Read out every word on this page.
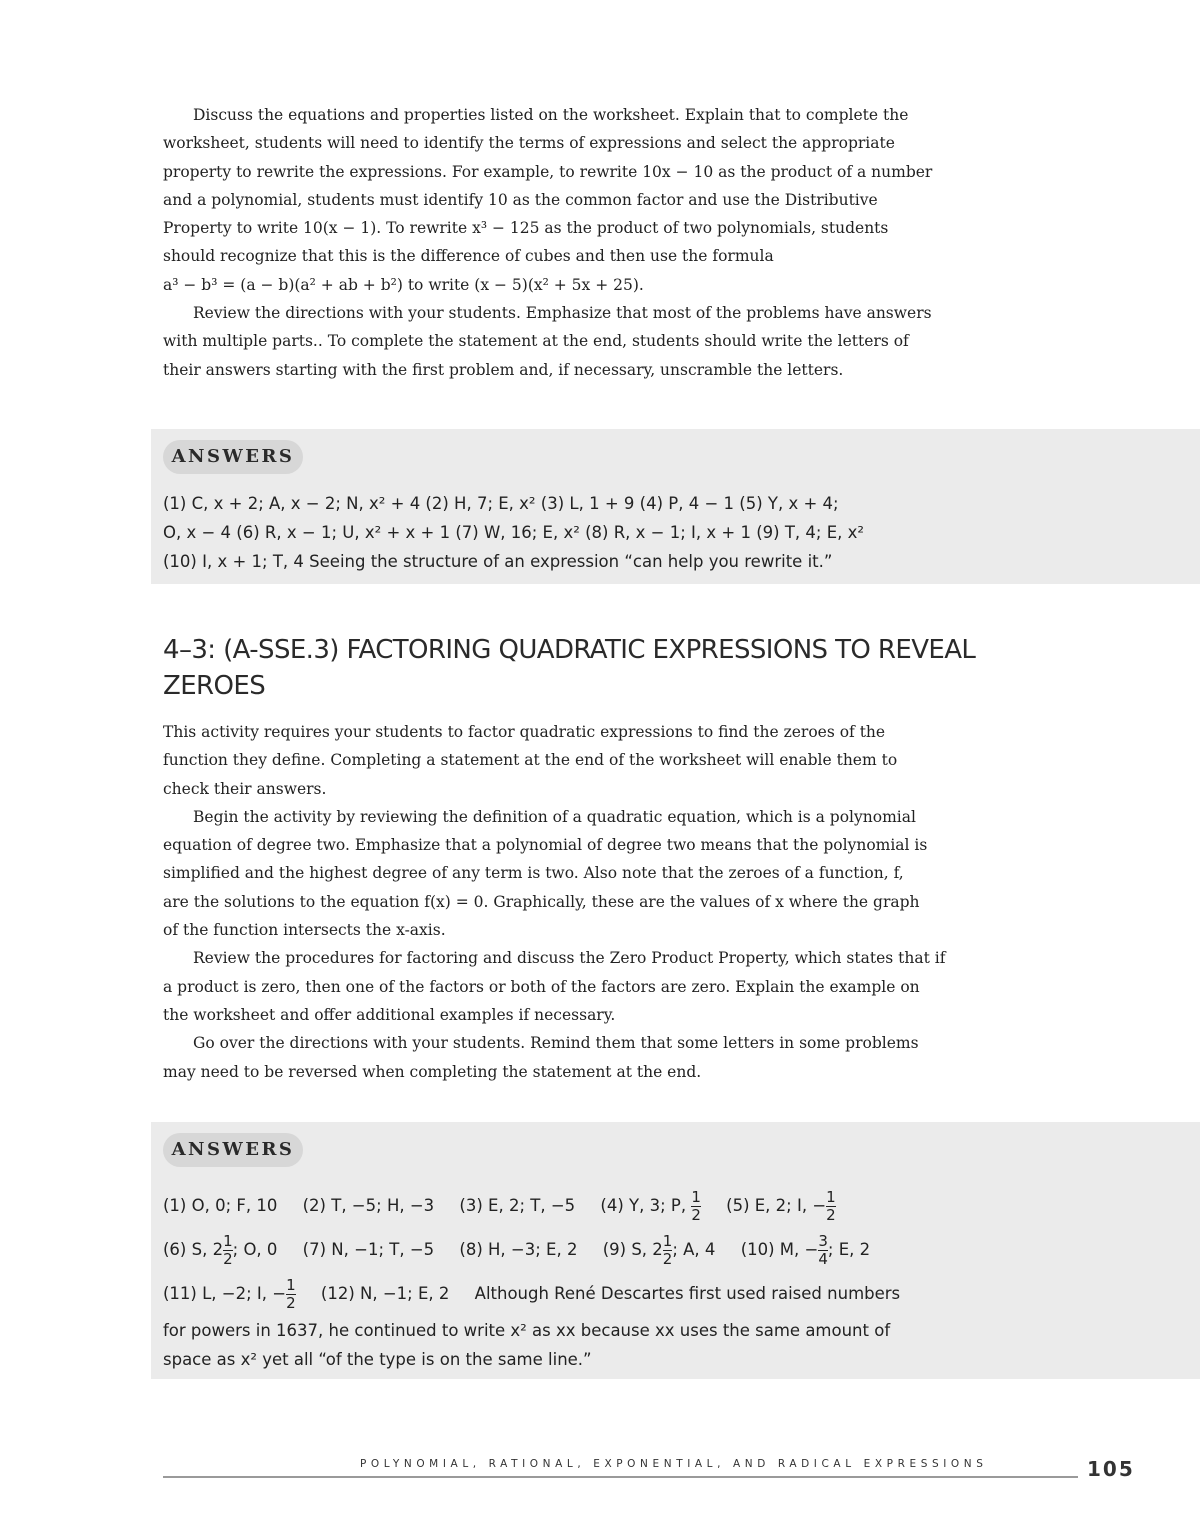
Discuss the equations and properties listed on the worksheet. Explain that to complete the
worksheet, students will need to identify the terms of expressions and select the appropriate
property to rewrite the expressions. For example, to rewrite 10x − 10 as the product of a number
and a polynomial, students must identify 10 as the common factor and use the Distributive
Property to write 10(x − 1). To rewrite x³ − 125 as the product of two polynomials, students
should recognize that this is the difference of cubes and then use the formula
a³ − b³ = (a − b)(a² + ab + b²) to write (x − 5)(x² + 5x + 25).

Review the directions with your students. Emphasize that most of the problems have answers
with multiple parts.. To complete the statement at the end, students should write the letters of
their answers starting with the first problem and, if necessary, unscramble the letters.

ANSWERS
(1) C, x + 2; A, x − 2; N, x² + 4 (2) H, 7; E, x² (3) L, 1 + 9 (4) P, 4 − 1 (5) Y, x + 4;
O, x − 4 (6) R, x − 1; U, x² + x + 1 (7) W, 16; E, x² (8) R, x − 1; I, x + 1 (9) T, 4; E, x²
(10) I, x + 1; T, 4 Seeing the structure of an expression “can help you rewrite it.”
4–3: (A-SSE.3) FACTORING QUADRATIC EXPRESSIONS TO REVEAL
ZEROES

This activity requires your students to factor quadratic expressions to find the zeroes of the
function they define. Completing a statement at the end of the worksheet will enable them to
check their answers.

Begin the activity by reviewing the definition of a quadratic equation, which is a polynomial
equation of degree two. Emphasize that a polynomial of degree two means that the polynomial is
simplified and the highest degree of any term is two. Also note that the zeroes of a function, f,
are the solutions to the equation f(x) = 0. Graphically, these are the values of x where the graph
of the function intersects the x-axis.

Review the procedures for factoring and discuss the Zero Product Property, which states that if
a product is zero, then one of the factors or both of the factors are zero. Explain the example on
the worksheet and offer additional examples if necessary.

Go over the directions with your students. Remind them that some letters in some problems
may need to be reversed when completing the statement at the end.

ANSWERS
(1) O, 0; F, 10 (2) T, −5; H, −3 (3) E, 2; T, −5 (4) Y, 3; P, $\frac{1}{2} (5)$ E, 2; I, − $\frac{1}{2}$
(6) S, $2 \frac{1}{2}$ ; O, 0 (7) N, −1; T, −5 (8) H, −3; E, 2 (9) S, $2 \frac{1}{2}$ ; A, 4 (10) M, − $\frac{3}{4}$ ; E, 2
(11) L, −2; I, − $\frac{1}{2} (12)$ N, −1; E, 2 Although René Descartes first used raised numbers
for powers in 1637, he continued to write x² as xx because xx uses the same amount of
space as x² yet all “of the type is on the same line.”
POLYNOMIAL, RATIONAL, EXPONENTIAL, AND RADICAL EXPRESSIONS	105
